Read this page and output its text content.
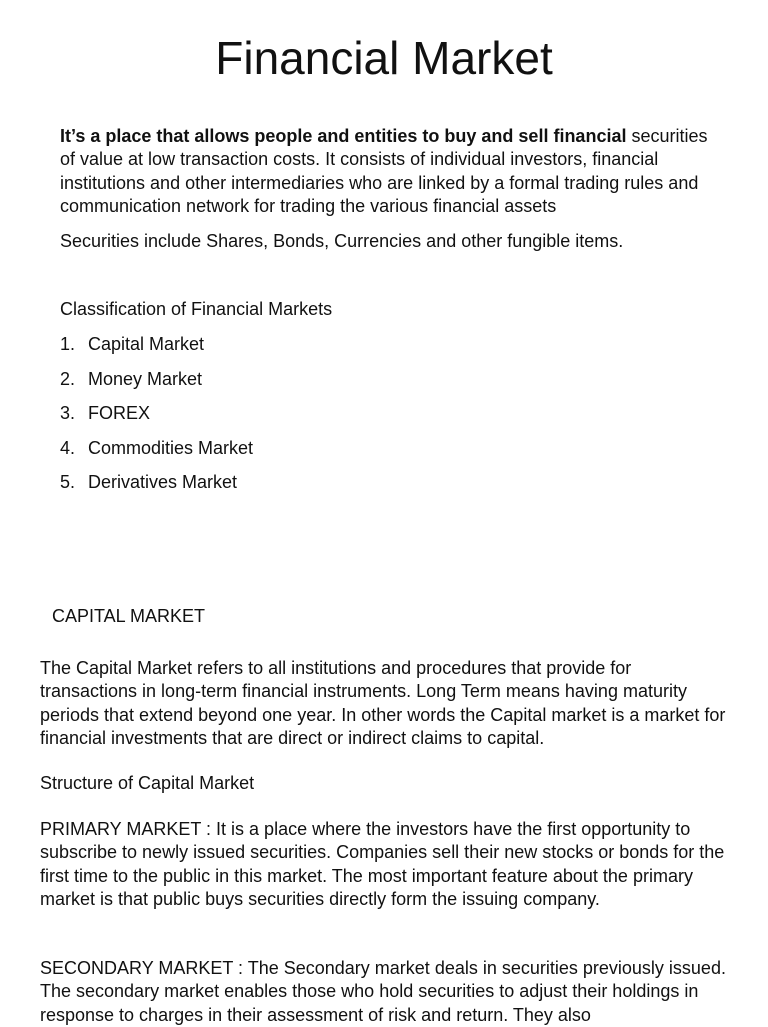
Financial Market

It’s a place that allows people and entities to buy and sell financial securities of value at low transaction costs. It consists of individual investors, financial institutions and other intermediaries who are linked by a formal trading rules and communication network for trading the various financial assets

Securities include Shares, Bonds, Currencies and other fungible items.

Classification of Financial Markets

1. Capital Market
2. Money Market
3. FOREX
4. Commodities Market
5. Derivatives Market

CAPITAL MARKET

The Capital Market refers to all institutions and procedures that provide for transactions in long-term financial instruments. Long Term means having maturity periods that extend beyond one year. In other words the Capital market is a market for financial investments that are direct or indirect claims to capital.

Structure of Capital Market

PRIMARY MARKET : It is a place where the investors have the first opportunity to subscribe to newly issued securities. Companies sell their new stocks or bonds for the first time to the public in this market. The most important feature about the primary market is that public buys securities directly form the issuing company.

SECONDARY MARKET : The Secondary market deals in securities previously issued. The secondary market enables those who hold securities to adjust their holdings in response to charges in their assessment of risk and return. They also
